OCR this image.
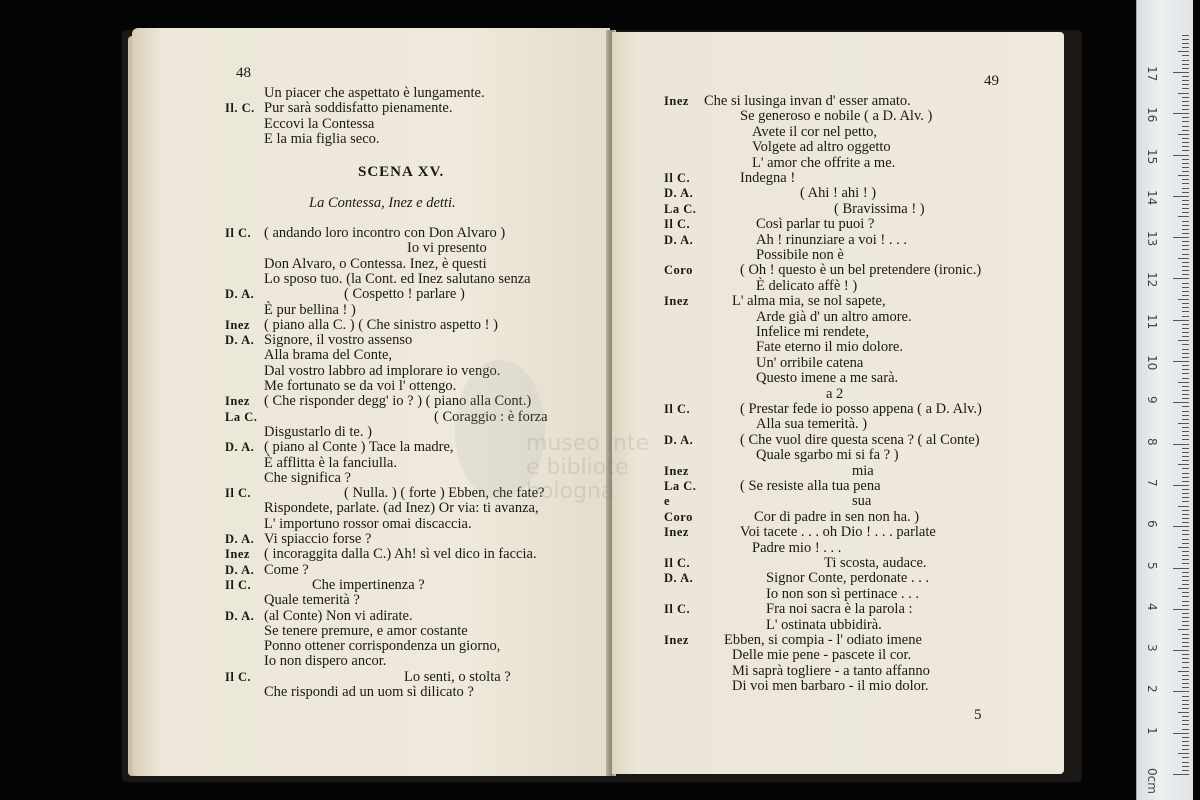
48
Un piacer che aspettato è lungamente.
Il. C. Pur sarà soddisfatto pienamente.
Eccovi la Contessa
E la mia figlia seco.
SCENA XV.
La Contessa, Inez e detti.
Il C. ( andando loro incontro con Don Alvaro )
Io vi presento
Don Alvaro, o Contessa. Inez, è questi
Lo sposo tuo. (la Cont. ed Inez salutano senza
D. A.	( Cospetto ! parlare )
È pur bellina ! )
Inez ( piano alla C. ) ( Che sinistro aspetto ! )
D. A. Signore, il vostro assenso
Alla brama del Conte,
Dal vostro labbro ad implorare io vengo.
Me fortunato se da voi l' ottengo.
Inez ( Che risponder degg' io ? ) ( piano alla Cont.)
La C.	( Coraggio : è forza
Disgustarlo di te. )
D. A. ( piano al Conte ) Tace la madre,
È afflitta è la fanciulla.
Che significa ?
Il C.	( Nulla. ) ( forte ) Ebben, che fate?
Rispondete, parlate. (ad Inez) Or via: ti avanza,
L' importuno rossor omai discaccia.
D. A. Vi spiaccio forse ?
Inez ( incoraggita dalla C.) Ah! sì vel dico in faccia.
D. A. Come ?
Il C.	Che impertinenza ?
Quale temerità ?
D. A. (al Conte) Non vi adirate.
Se tenere premure, e amor costante
Ponno ottener corrispondenza un giorno,
Io non dispero ancor.
Il C.	Lo senti, o stolta ?
Che rispondi ad un uom sì dilicato ?
49
Inez Che si lusinga invan d' esser amato.
Se generoso e nobile ( a D. Alv. )
Avete il cor nel petto,
Volgete ad altro oggetto
L' amor che offrite a me.
Il C.	Indegna !
D. A.	( Ahi ! ahi ! )
La C.	( Bravissima ! )
Il C.	Così parlar tu puoi ?
D. A.	Ah ! rinunziare a voi ! . . .
Possibile non è
Coro	( Oh ! questo è un bel pretendere (ironic.)
È delicato affè ! )
Inez	L' alma mia, se nol sapete,
Arde già d' un altro amore.
Infelice mi rendete,
Fate eterno il mio dolore.
Un' orribile catena
Questo imene a me sarà.
a 2
Il C.	( Prestar fede io posso appena ( a D. Alv.)
Alla sua temerità. )
D. A.	( Che vuol dire questa scena ? ( al Conte)
Quale sgarbo mi si fa ? )
Inez	mia
La C.	( Se resiste alla tua pena
e	sua
Coro	Cor di padre in sen non ha. )
Inez	Voi tacete . . . oh Dio ! . . . parlate
Padre mio ! . . .
Il C.	Ti scosta, audace.
D. A.	Signor Conte, perdonate . . .
Io non son sì pertinace . . .
Il C.	Fra noi sacra è la parola :
L' ostinata ubbidirà.
Inez Ebben, si compia - l' odiato imene
Delle mie pene - pascete il cor.
Mi saprà togliere - a tanto affanno
Di voi men barbaro - il mio dolor.
5
museo inte
e bibliote
bologna
0cm
1
2
3
4
5
6
7
8
9
10
11
12
13
14
15
16
17
